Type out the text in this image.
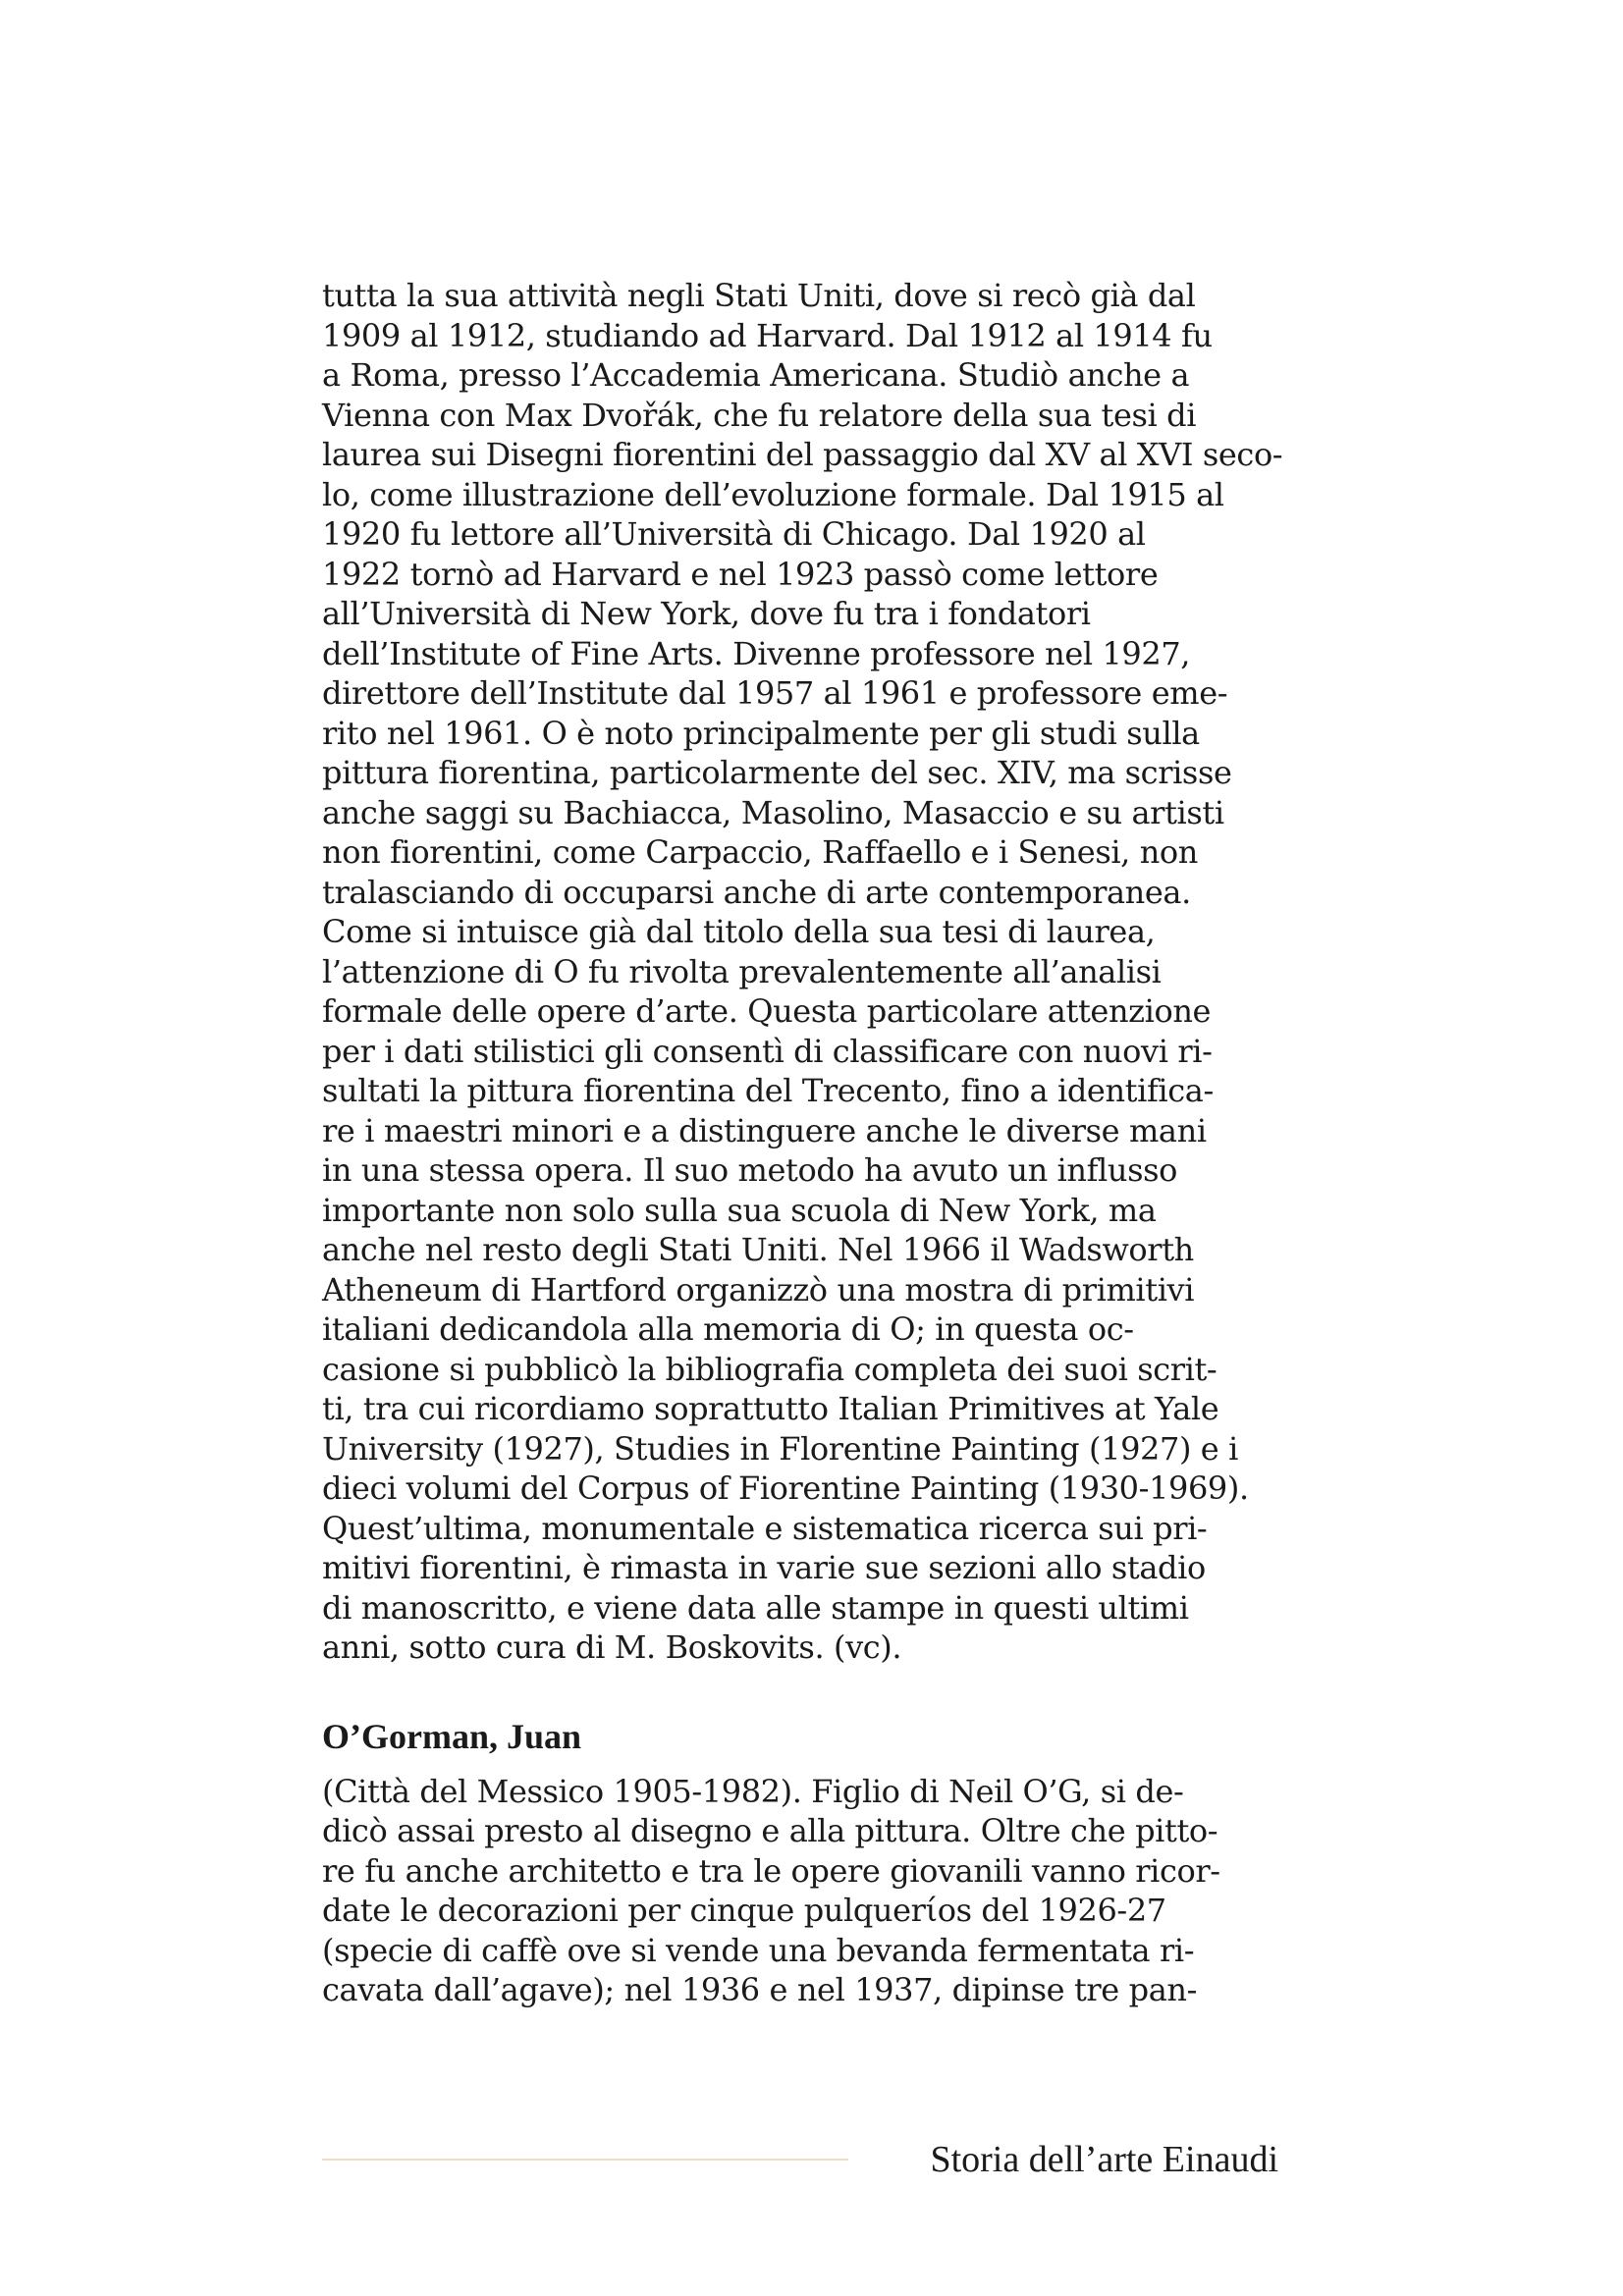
tutta la sua attività negli Stati Uniti, dove si recò già dal
1909 al 1912, studiando ad Harvard. Dal 1912 al 1914 fu
a Roma, presso l’Accademia Americana. Studiò anche a
Vienna con Max Dvořák, che fu relatore della sua tesi di
laurea sui Disegni fiorentini del passaggio dal XV al XVI seco-
lo, come illustrazione dell’evoluzione formale. Dal 1915 al
1920 fu lettore all’Università di Chicago. Dal 1920 al
1922 tornò ad Harvard e nel 1923 passò come lettore
all’Università di New York, dove fu tra i fondatori
dell’Institute of Fine Arts. Divenne professore nel 1927,
direttore dell’Institute dal 1957 al 1961 e professore eme-
rito nel 1961. O è noto principalmente per gli studi sulla
pittura fiorentina, particolarmente del sec. XIV, ma scrisse
anche saggi su Bachiacca, Masolino, Masaccio e su artisti
non fiorentini, come Carpaccio, Raffaello e i Senesi, non
tralasciando di occuparsi anche di arte contemporanea.
Come si intuisce già dal titolo della sua tesi di laurea,
l’attenzione di O fu rivolta prevalentemente all’analisi
formale delle opere d’arte. Questa particolare attenzione
per i dati stilistici gli consentì di classificare con nuovi ri-
sultati la pittura fiorentina del Trecento, fino a identifica-
re i maestri minori e a distinguere anche le diverse mani
in una stessa opera. Il suo metodo ha avuto un influsso
importante non solo sulla sua scuola di New York, ma
anche nel resto degli Stati Uniti. Nel 1966 il Wadsworth
Atheneum di Hartford organizzò una mostra di primitivi
italiani dedicandola alla memoria di O; in questa oc-
casione si pubblicò la bibliografia completa dei suoi scrit-
ti, tra cui ricordiamo soprattutto Italian Primitives at Yale
University (1927), Studies in Florentine Painting (1927) e i
dieci volumi del Corpus of Fiorentine Painting (1930-1969).
Quest’ultima, monumentale e sistematica ricerca sui pri-
mitivi fiorentini, è rimasta in varie sue sezioni allo stadio
di manoscritto, e viene data alle stampe in questi ultimi
anni, sotto cura di M. Boskovits. (vc).
O’Gorman, Juan
(Città del Messico 1905-1982). Figlio di Neil O’G, si de-
dicò assai presto al disegno e alla pittura. Oltre che pitto-
re fu anche architetto e tra le opere giovanili vanno ricor-
date le decorazioni per cinque pulquerίos del 1926-27
(specie di caffè ove si vende una bevanda fermentata ri-
cavata dall’agave); nel 1936 e nel 1937, dipinse tre pan-
Storia dell’arte Einaudi
